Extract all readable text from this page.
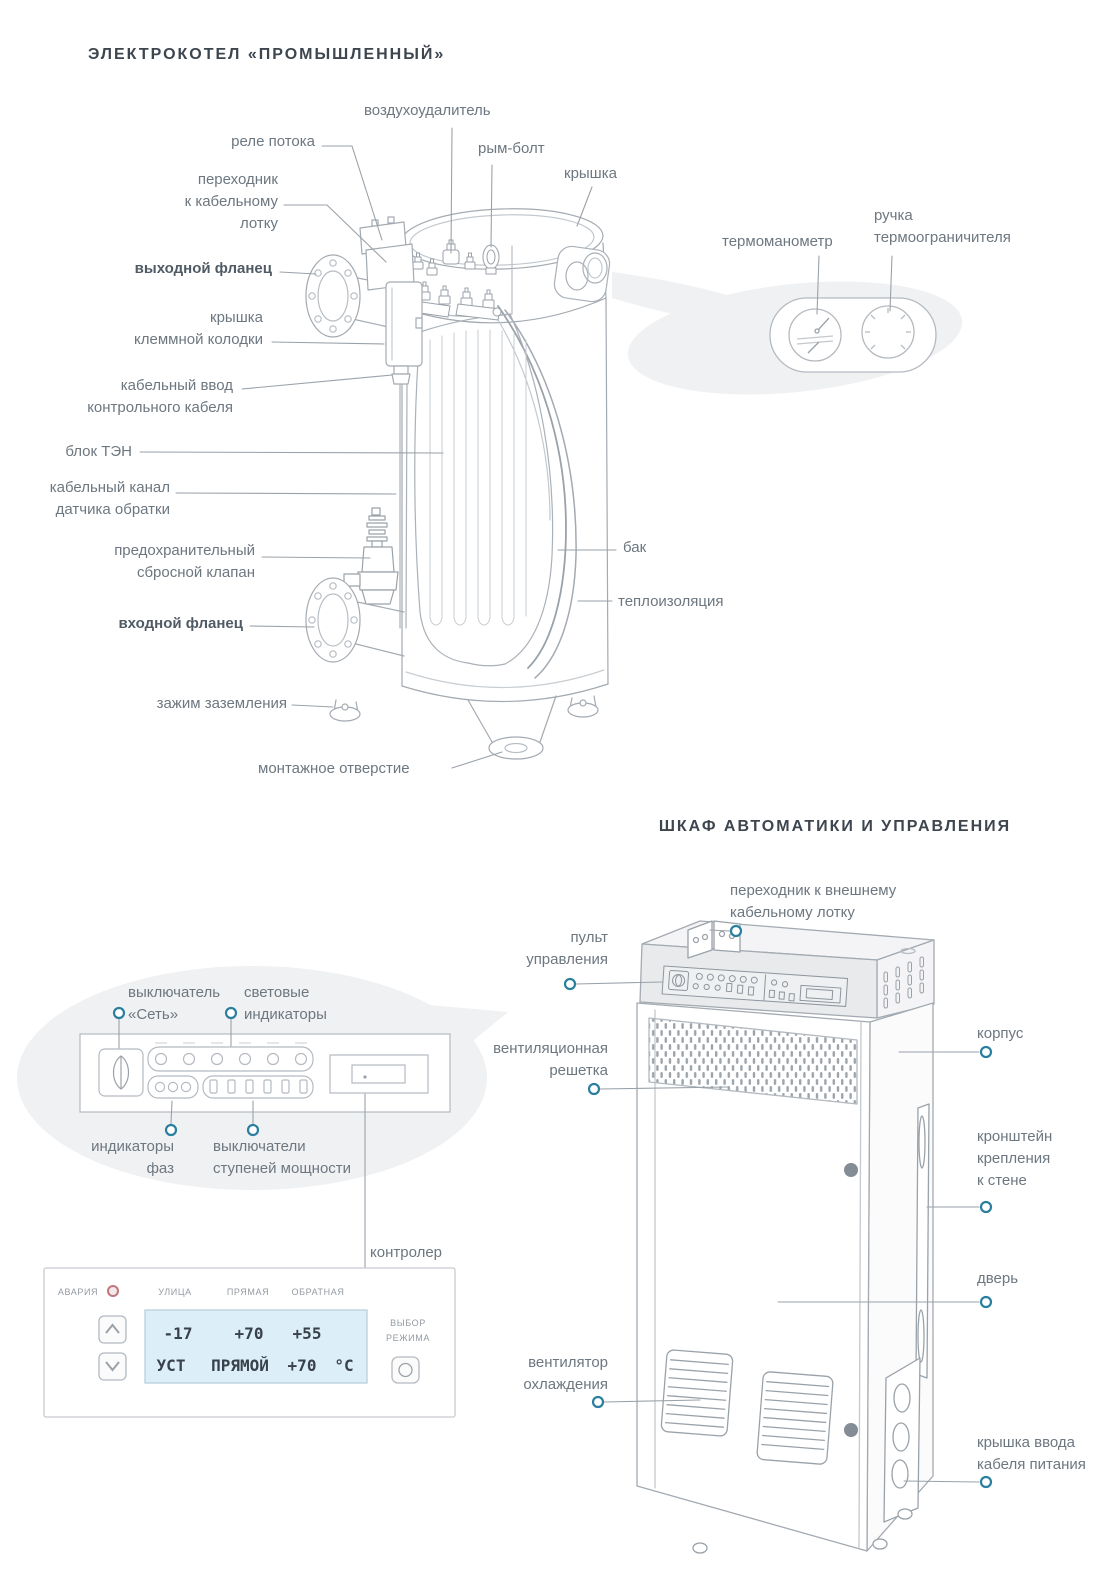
ЭЛЕКТРОКОТЕЛ «ПРОМЫШЛЕННЫЙ»
ШКАФ АВТОМАТИКИ И УПРАВЛЕНИЯ
воздухоудалитель
реле потока	рым-болт
крышка
переходник
к кабельному
лотку
выходной фланец
крышка
клеммной колодки
кабельный ввод
контрольного кабеля
блок ТЭН
кабельный канал
датчика обратки
предохранительный
сбросной клапан
входной фланец
зажим заземления
монтажное отверстие
бак
теплоизоляция
термоманометр
ручка
термоограничителя
переходник к внешнему
кабельному лотку
пульт
управления
вентиляционная
решетка
корпус
кронштейн
крепления
к стене
дверь
вентилятор
охлаждения
крышка ввода
кабеля питания
выключатель
«Сеть»
световые
индикаторы
индикаторы
фаз
выключатели
ступеней мощности
контролер
АВАРИЯ	УЛИЦА	ПРЯМАЯ	ОБРАТНАЯ
-17	+70	+55
УСТ	ПРЯМОЙ	+70	°C
ВЫБОР
РЕЖИМА
